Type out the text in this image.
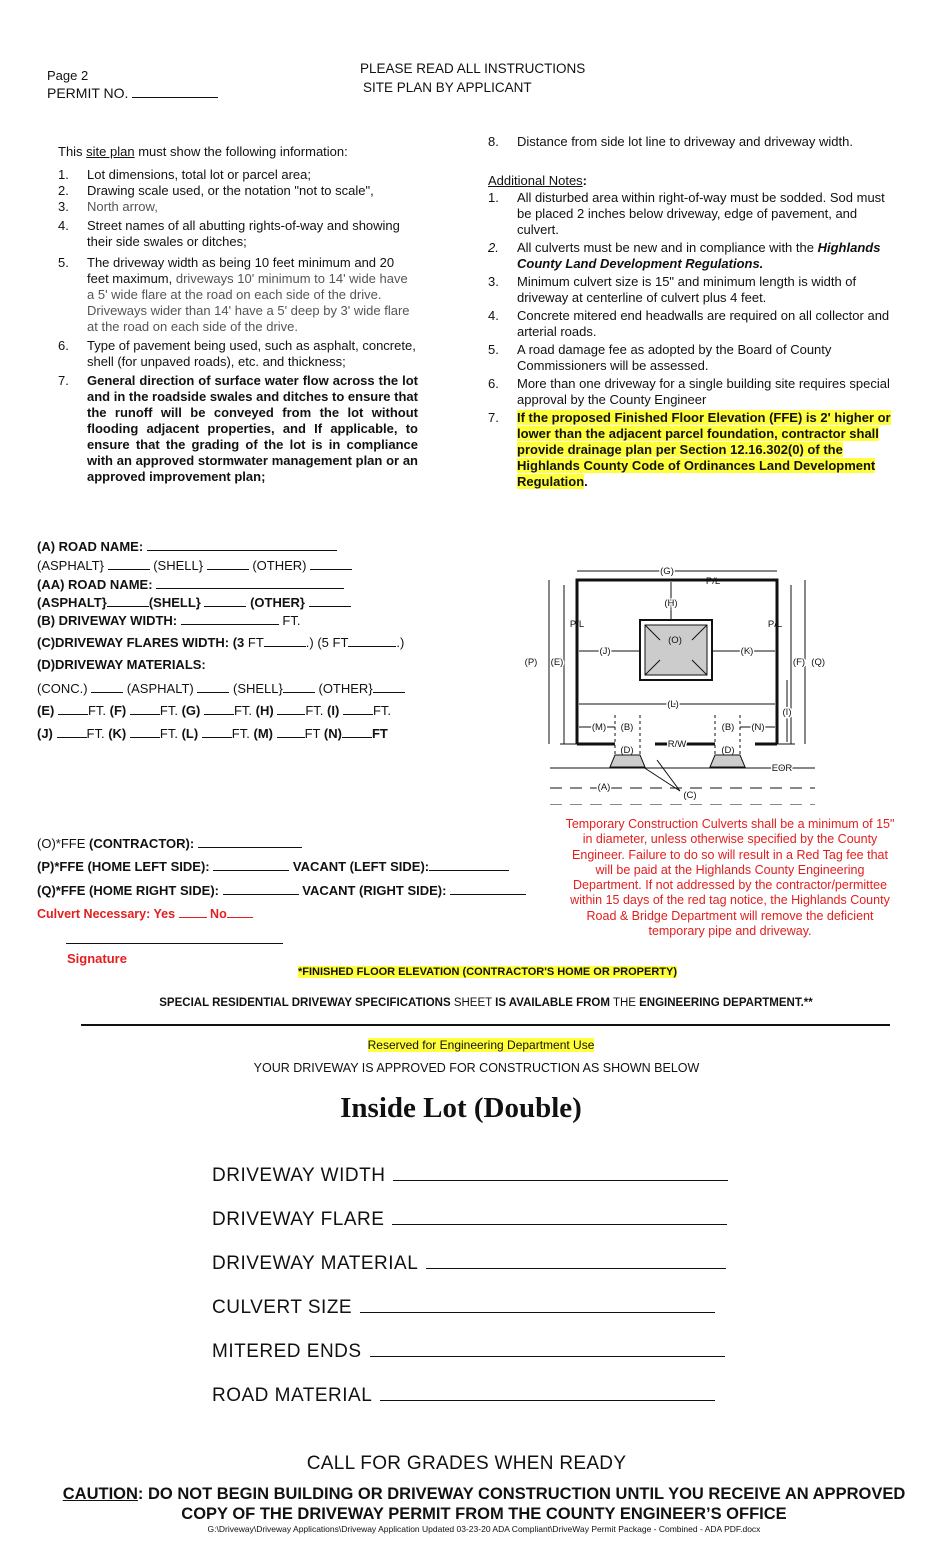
Page 2
PERMIT NO.
PLEASE READ ALL INSTRUCTIONS
SITE PLAN BY APPLICANT
This site plan must show the following information:
1. Lot dimensions, total lot or parcel area;
2. Drawing scale used, or the notation "not to scale",
3. North arrow,
4. Street names of all abutting rights-of-way and showing their side swales or ditches;
5. The driveway width as being 10 feet minimum and 20 feet maximum, driveways 10' minimum to 14' wide have a 5' wide flare at the road on each side of the drive. Driveways wider than 14' have a 5' deep by 3' wide flare at the road on each side of the drive.
6. Type of pavement being used, such as asphalt, concrete, shell (for unpaved roads), etc. and thickness;
7. General direction of surface water flow across the lot and in the roadside swales and ditches to ensure that the runoff will be conveyed from the lot without flooding adjacent properties, and If applicable, to ensure that the grading of the lot is in compliance with an approved stormwater management plan or an approved improvement plan;
8. Distance from side lot line to driveway and driveway width.
Additional Notes:
1. All disturbed area within right-of-way must be sodded. Sod must be placed 2 inches below driveway, edge of pavement, and culvert.
2. All culverts must be new and in compliance with the Highlands County Land Development Regulations.
3. Minimum culvert size is 15" and minimum length is width of driveway at centerline of culvert plus 4 feet.
4. Concrete mitered end headwalls are required on all collector and arterial roads.
5. A road damage fee as adopted by the Board of County Commissioners will be assessed.
6. More than one driveway for a single building site requires special approval by the County Engineer
7. If the proposed Finished Floor Elevation (FFE) is 2' higher or lower than the adjacent parcel foundation, contractor shall provide drainage plan per Section 12.16.302(0) of the Highlands County Code of Ordinances Land Development Regulation.
(A) ROAD NAME:
(ASPHALT}	(SHELL}	(OTHER)
(AA) ROAD NAME:
(ASPHALT}	(SHELL}	(OTHER}
(B) DRIVEWAY WIDTH:	FT.
(C)DRIVEWAY FLARES WIDTH: (3 FT	.) (5 FT	.)
(D)DRIVEWAY MATERIALS:
(CONC.)	(ASPHALT)	(SHELL}	(OTHER}
(E)	FT. (F)	FT. (G)	FT. (H) FT. (I)	FT.
(J)	FT. (K)	FT. (L)	FT. (M) FT (N) FT
(G)
P/L
(H)
P/L	P/L
(O)
(P) (E)
(J)	(K)
(F) (Q)
(L)
(I)
(M) (B)	(B) (N)
R/W
(D)	(D)
EOR
(A)
(C)
(O)*FFE (CONTRACTOR):
(P)*FFE (HOME LEFT SIDE):	VACANT (LEFT SIDE):
(Q)*FFE (HOME RIGHT SIDE):	VACANT (RIGHT SIDE):
Culvert Necessary: Yes	No
Signature
Temporary Construction Culverts shall be a minimum of 15" in diameter, unless otherwise specified by the County Engineer. Failure to do so will result in a Red Tag fee that will be paid at the Highlands County Engineering Department. If not addressed by the contractor/permittee within 15 days of the red tag notice, the Highlands County Road & Bridge Department will remove the deficient temporary pipe and driveway.
*FINISHED FLOOR ELEVATION (CONTRACTOR'S HOME OR PROPERTY)
SPECIAL RESIDENTIAL DRIVEWAY SPECIFICATIONS SHEET IS AVAILABLE FROM THE ENGINEERING DEPARTMENT.**
Reserved for Engineering Department Use
YOUR DRIVEWAY IS APPROVED FOR CONSTRUCTION AS SHOWN BELOW
Inside Lot (Double)
DRIVEWAY WIDTH
DRIVEWAY FLARE
DRIVEWAY MATERIAL
CULVERT SIZE
MITERED ENDS
ROAD MATERIAL
CALL FOR GRADES WHEN READY
CAUTION: DO NOT BEGIN BUILDING OR DRIVEWAY CONSTRUCTION UNTIL YOU RECEIVE AN APPROVED
COPY OF THE DRIVEWAY PERMIT FROM THE COUNTY ENGINEER’S OFFICE
G:\Driveway\Driveway Applications\Driveway Application Updated 03-23-20 ADA Compliant\DriveWay Permit Package - Combined - ADA PDF.docx
